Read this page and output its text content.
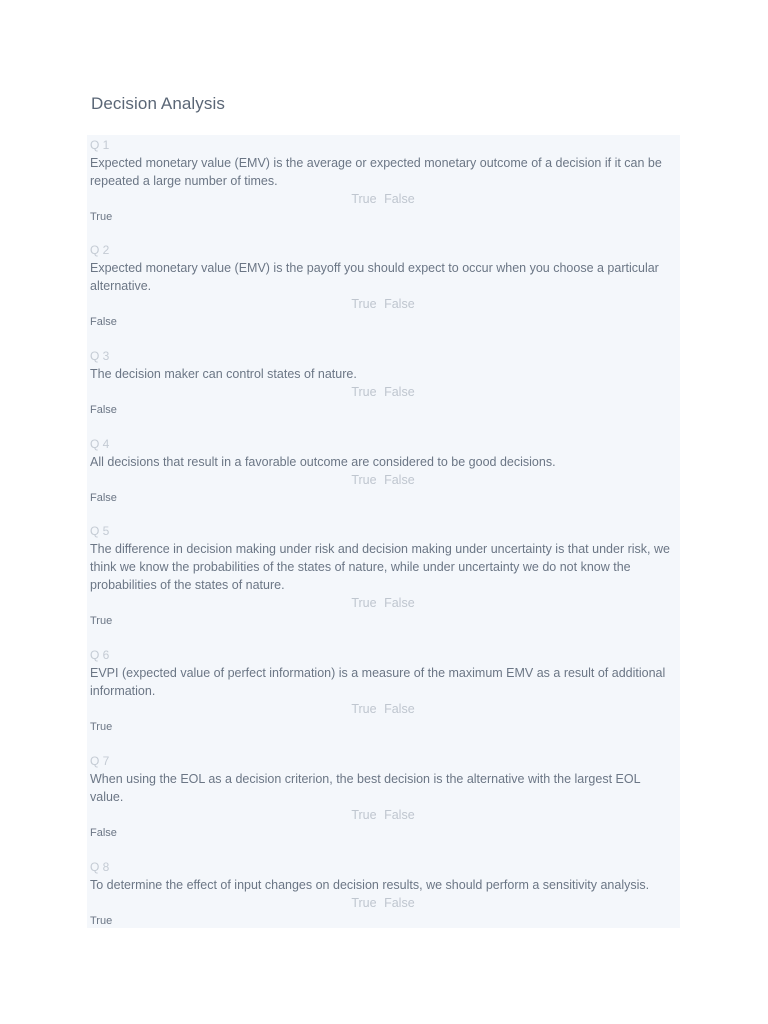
Decision Analysis
Q 1
Expected monetary value (EMV) is the average or expected monetary outcome of a decision if it can be repeated a large number of times.
True False
True
Q 2
Expected monetary value (EMV) is the payoff you should expect to occur when you choose a particular alternative.
True False
False
Q 3
The decision maker can control states of nature.
True False
False
Q 4
All decisions that result in a favorable outcome are considered to be good decisions.
True False
False
Q 5
The difference in decision making under risk and decision making under uncertainty is that under risk, we think we know the probabilities of the states of nature, while under uncertainty we do not know the probabilities of the states of nature.
True False
True
Q 6
EVPI (expected value of perfect information) is a measure of the maximum EMV as a result of additional information.
True False
True
Q 7
When using the EOL as a decision criterion, the best decision is the alternative with the largest EOL value.
True False
False
Q 8
To determine the effect of input changes on decision results, we should perform a sensitivity analysis.
True False
True
